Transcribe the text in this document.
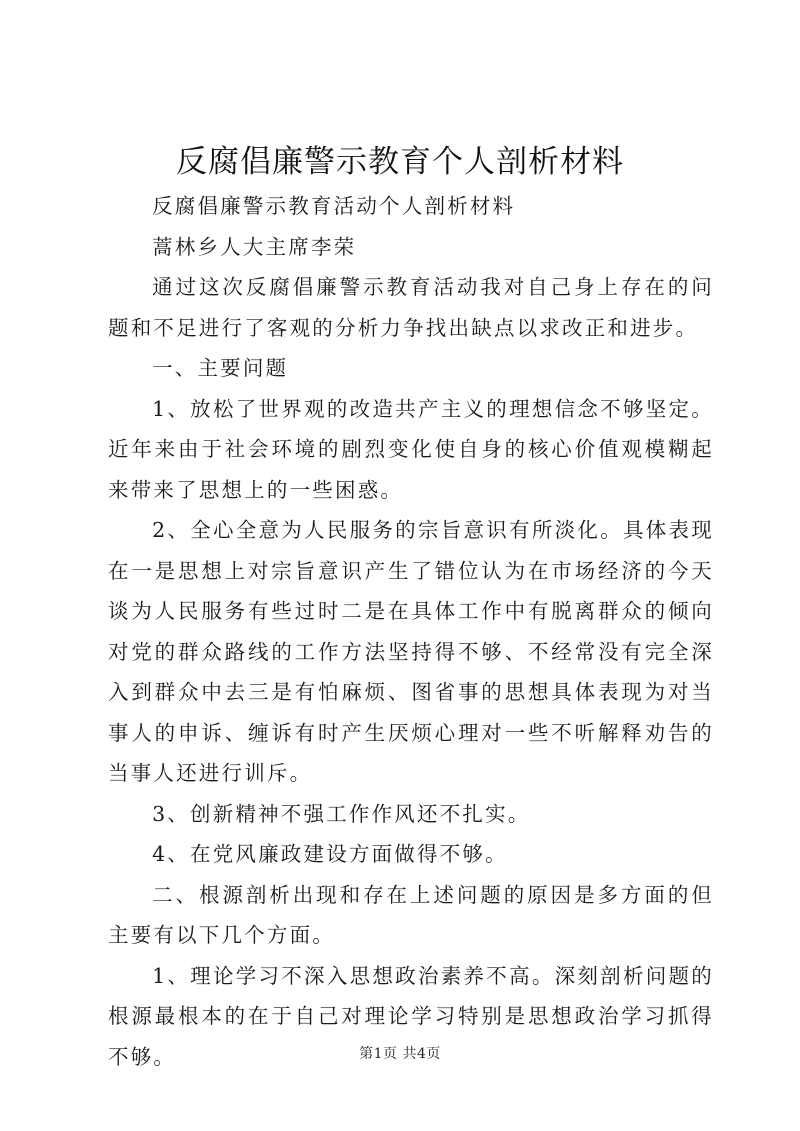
反腐倡廉警示教育个人剖析材料

反腐倡廉警示教育活动个人剖析材料

蒿林乡人大主席李荣

通过这次反腐倡廉警示教育活动我对自己身上存在的问题和不足进行了客观的分析力争找出缺点以求改正和进步。

一、主要问题

1、放松了世界观的改造共产主义的理想信念不够坚定。近年来由于社会环境的剧烈变化使自身的核心价值观模糊起来带来了思想上的一些困惑。

2、全心全意为人民服务的宗旨意识有所淡化。具体表现在一是思想上对宗旨意识产生了错位认为在市场经济的今天谈为人民服务有些过时二是在具体工作中有脱离群众的倾向对党的群众路线的工作方法坚持得不够、不经常没有完全深入到群众中去三是有怕麻烦、图省事的思想具体表现为对当事人的申诉、缠诉有时产生厌烦心理对一些不听解释劝告的当事人还进行训斥。

3、创新精神不强工作作风还不扎实。

4、在党风廉政建设方面做得不够。

二、根源剖析出现和存在上述问题的原因是多方面的但主要有以下几个方面。

1、理论学习不深入思想政治素养不高。深刻剖析问题的根源最根本的在于自己对理论学习特别是思想政治学习抓得不够。	第1页 共4页
